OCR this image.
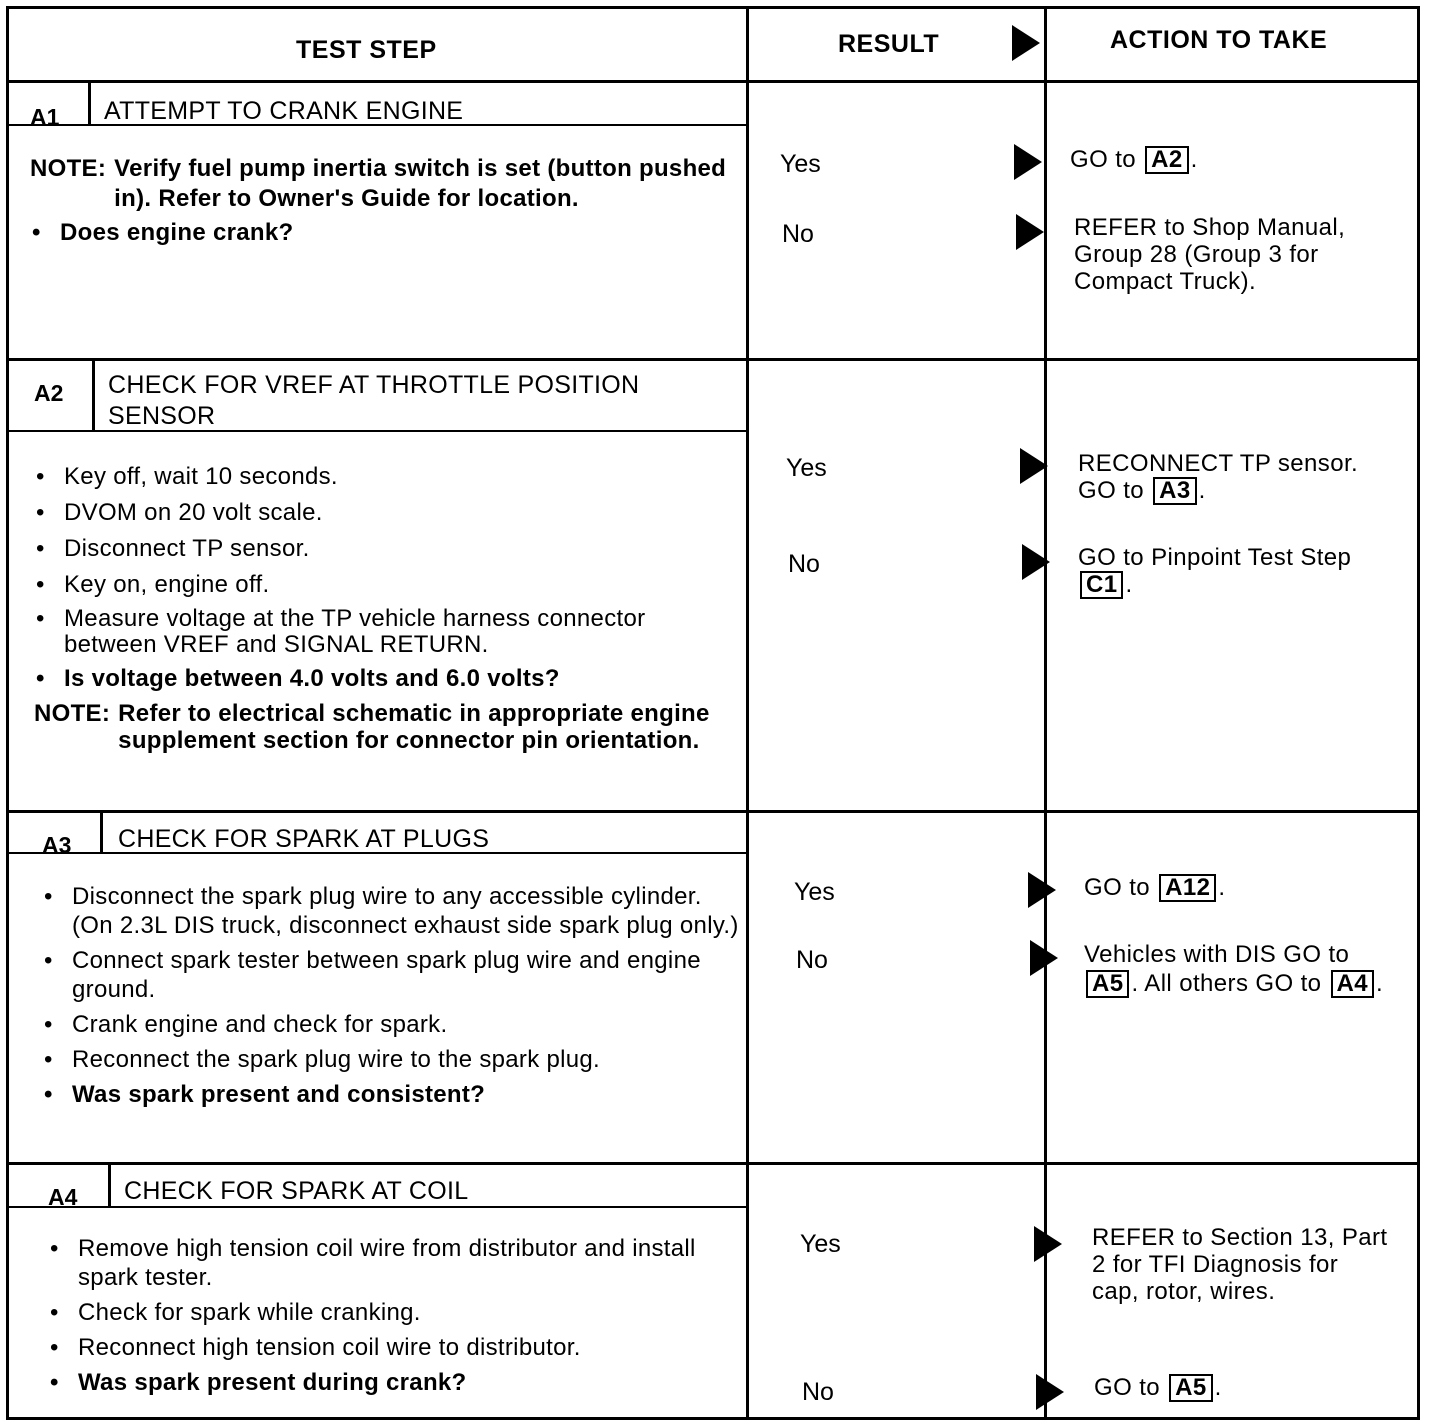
TEST STEP	RESULT	ACTION TO TAKE
A1 ATTEMPT TO CRANK ENGINE
NOTE: Verify fuel pump inertia switch is set (button pushed in). Refer to Owner's Guide for location.
• Does engine crank?
Yes	GO to A2 .
No	REFER to Shop Manual, Group 28 (Group 3 for Compact Truck).
A2 CHECK FOR VREF AT THROTTLE POSITION SENSOR
• Key off, wait 10 seconds.
• DVOM on 20 volt scale.
• Disconnect TP sensor.
• Key on, engine off.
• Measure voltage at the TP vehicle harness connector between VREF and SIGNAL RETURN.
• Is voltage between 4.0 volts and 6.0 volts?
NOTE: Refer to electrical schematic in appropriate engine supplement section for connector pin orientation.
Yes	RECONNECT TP sensor. GO to A3 .
No	GO to Pinpoint Test Step C1 .
A3 CHECK FOR SPARK AT PLUGS
• Disconnect the spark plug wire to any accessible cylinder. (On 2.3L DIS truck, disconnect exhaust side spark plug only.)
• Connect spark tester between spark plug wire and engine ground.
• Crank engine and check for spark.
• Reconnect the spark plug wire to the spark plug.
• Was spark present and consistent?
Yes	GO to A12 .
No	Vehicles with DIS GO to A5 . All others GO to A4 .
A4 CHECK FOR SPARK AT COIL
• Remove high tension coil wire from distributor and install spark tester.
• Check for spark while cranking.
• Reconnect high tension coil wire to distributor.
• Was spark present during crank?
Yes	REFER to Section 13, Part 2 for TFI Diagnosis for cap, rotor, wires.
No	GO to A5 .
